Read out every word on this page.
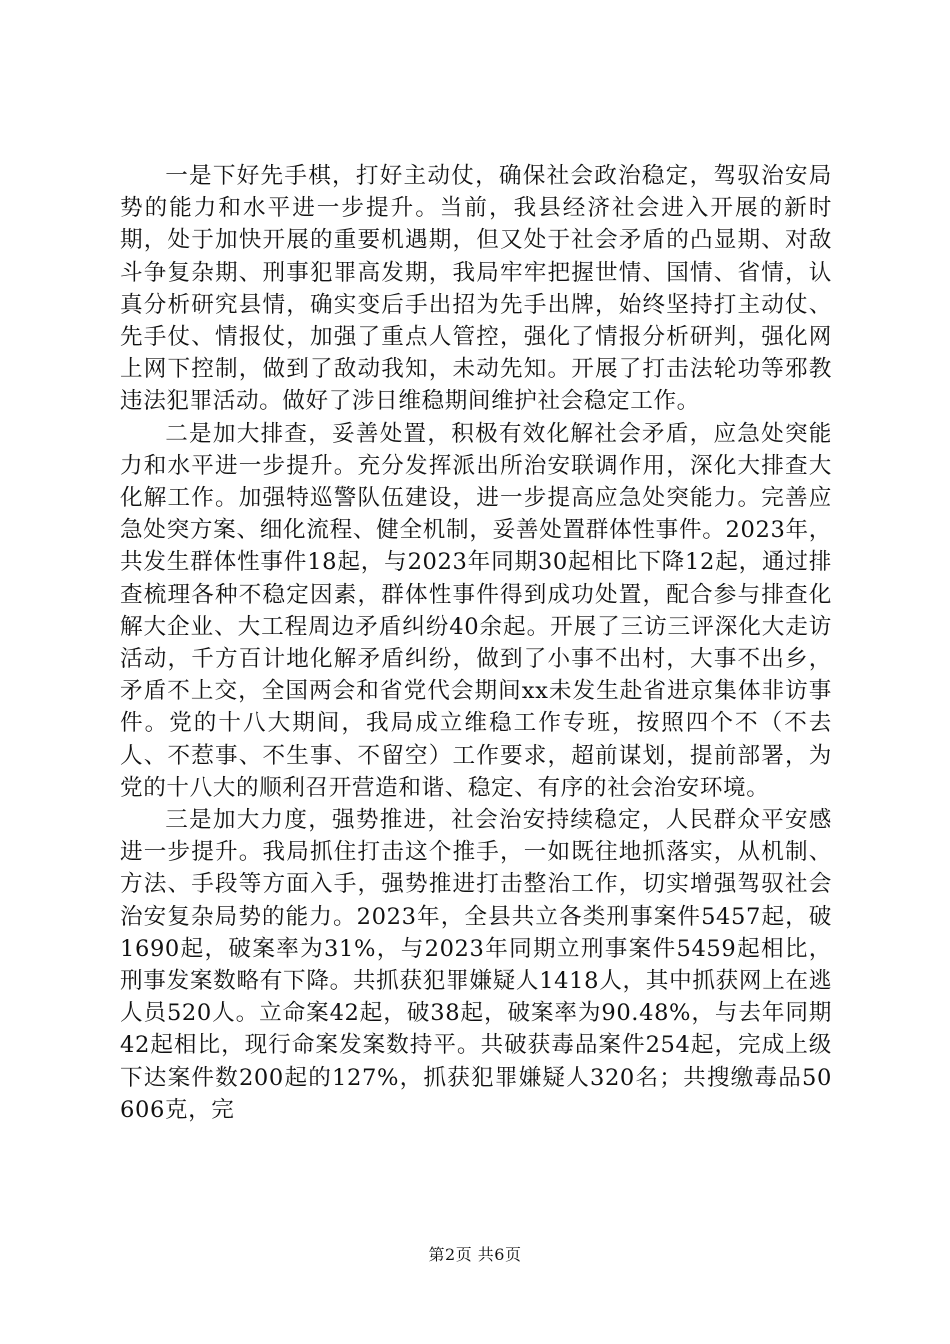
一是下好先手棋，打好主动仗，确保社会政治稳定，驾驭治安局势的能力和水平进一步提升。当前，我县经济社会进入开展的新时期，处于加快开展的重要机遇期，但又处于社会矛盾的凸显期、对敌斗争复杂期、刑事犯罪高发期，我局牢牢把握世情、国情、省情，认真分析研究县情，确实变后手出招为先手出牌，始终坚持打主动仗、先手仗、情报仗，加强了重点人管控，强化了情报分析研判，强化网上网下控制，做到了敌动我知，未动先知。开展了打击法轮功等邪教违法犯罪活动。做好了涉日维稳期间维护社会稳定工作。

二是加大排查，妥善处置，积极有效化解社会矛盾，应急处突能力和水平进一步提升。充分发挥派出所治安联调作用，深化大排查大化解工作。加强特巡警队伍建设，进一步提高应急处突能力。完善应急处突方案、细化流程、健全机制，妥善处置群体性事件。2023年，共发生群体性事件18起，与2023年同期30起相比下降12起，通过排查梳理各种不稳定因素，群体性事件得到成功处置，配合参与排查化解大企业、大工程周边矛盾纠纷40余起。开展了三访三评深化大走访活动，千方百计地化解矛盾纠纷，做到了小事不出村，大事不出乡，矛盾不上交，全国两会和省党代会期间xx未发生赴省进京集体非访事件。党的十八大期间，我局成立维稳工作专班，按照四个不（不去人、不惹事、不生事、不留空）工作要求，超前谋划，提前部署，为党的十八大的顺利召开营造和谐、稳定、有序的社会治安环境。

三是加大力度，强势推进，社会治安持续稳定，人民群众平安感进一步提升。我局抓住打击这个推手，一如既往地抓落实，从机制、方法、手段等方面入手，强势推进打击整治工作，切实增强驾驭社会治安复杂局势的能力。2023年，全县共立各类刑事案件5457起，破1690起，破案率为31%，与2023年同期立刑事案件5459起相比，刑事发案数略有下降。共抓获犯罪嫌疑人1418人，其中抓获网上在逃人员520人。立命案42起，破38起，破案率为90.48%，与去年同期42起相比，现行命案发案数持平。共破获毒品案件254起，完成上级下达案件数200起的127%，抓获犯罪嫌疑人320名；共搜缴毒品50606克，完

第2页 共6页
